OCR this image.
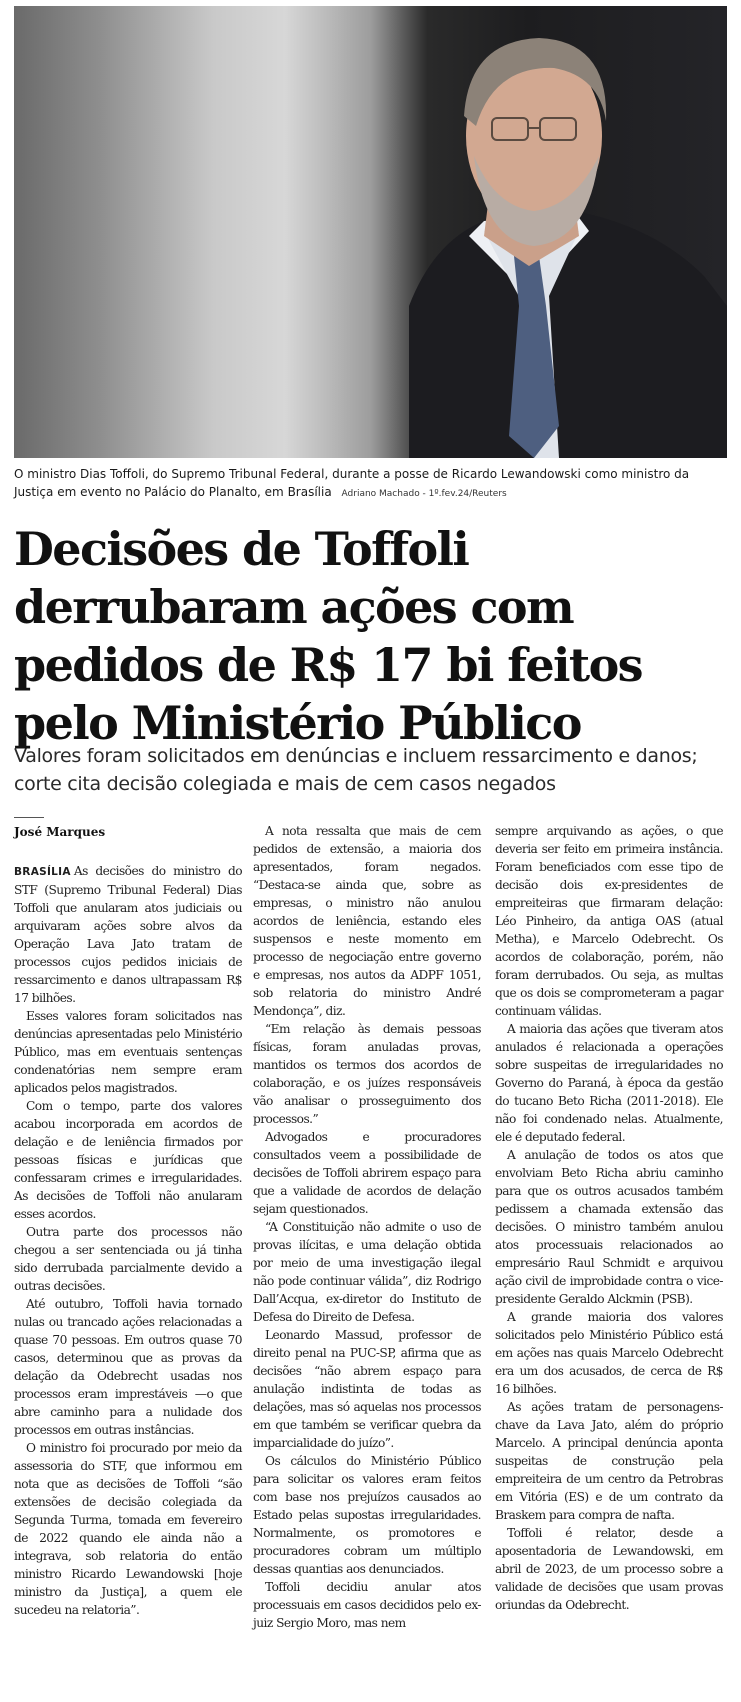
O ministro Dias Toffoli, do Supremo Tribunal Federal, durante a posse de Ricardo Lewandowski como ministro da Justiça em evento no Palácio do Planalto, em Brasília Adriano Machado - 1º.fev.24/Reuters
Decisões de Toffoli derrubaram ações com pedidos de R$ 17 bi feitos pelo Ministério Público

Valores foram solicitados em denúncias e incluem ressarcimento e danos; corte cita decisão colegiada e mais de cem casos negados

José Marques

BRASÍLIA As decisões do ministro do STF (Supremo Tribunal Federal) Dias Toffoli que anularam atos judiciais ou arquivaram ações sobre alvos da Operação Lava Jato tratam de processos cujos pedidos iniciais de ressarcimento e danos ultrapassam R$ 17 bilhões.

Esses valores foram solicitados nas denúncias apresentadas pelo Ministério Público, mas em eventuais sentenças condenatórias nem sempre eram aplicados pelos magistrados.

Com o tempo, parte dos valores acabou incorporada em acordos de delação e de leniência firmados por pessoas físicas e jurídicas que confessaram crimes e irregularidades. As decisões de Toffoli não anularam esses acordos.

Outra parte dos processos não chegou a ser sentenciada ou já tinha sido derrubada parcialmente devido a outras decisões.

Até outubro, Toffoli havia tornado nulas ou trancado ações relacionadas a quase 70 pessoas. Em outros quase 70 casos, determinou que as provas da delação da Odebrecht usadas nos processos eram imprestáveis —o que abre caminho para a nulidade dos processos em outras instâncias.

O ministro foi procurado por meio da assessoria do STF, que informou em nota que as decisões de Toffoli “são extensões de decisão colegiada da Segunda Turma, tomada em fevereiro de 2022 quando ele ainda não a integrava, sob relatoria do então ministro Ricardo Lewandowski [hoje ministro da Justiça], a quem ele sucedeu na relatoria”.

A nota ressalta que mais de cem pedidos de extensão, a maioria dos apresentados, foram negados. “Destaca-se ainda que, sobre as empresas, o ministro não anulou acordos de leniência, estando eles suspensos e neste momento em processo de negociação entre governo e empresas, nos autos da ADPF 1051, sob relatoria do ministro André Mendonça”, diz.

“Em relação às demais pessoas físicas, foram anuladas provas, mantidos os termos dos acordos de colaboração, e os juízes responsáveis vão analisar o prosseguimento dos processos.”

Advogados e procuradores consultados veem a possibilidade de decisões de Toffoli abrirem espaço para que a validade de acordos de delação sejam questionados.

“A Constituição não admite o uso de provas ilícitas, e uma delação obtida por meio de uma investigação ilegal não pode continuar válida”, diz Rodrigo Dall’Acqua, ex-diretor do Instituto de Defesa do Direito de Defesa.

Leonardo Massud, professor de direito penal na PUC-SP, afirma que as decisões “não abrem espaço para anulação indistinta de todas as delações, mas só aquelas nos processos em que também se verificar quebra da imparcialidade do juízo”.

Os cálculos do Ministério Público para solicitar os valores eram feitos com base nos prejuízos causados ao Estado pelas supostas irregularidades. Normalmente, os promotores e procuradores cobram um múltiplo dessas quantias aos denunciados.

Toffoli decidiu anular atos processuais em casos decididos pelo ex-juiz Sergio Moro, mas nem

sempre arquivando as ações, o que deveria ser feito em primeira instância. Foram beneficiados com esse tipo de decisão dois ex-presidentes de empreiteiras que firmaram delação: Léo Pinheiro, da antiga OAS (atual Metha), e Marcelo Odebrecht. Os acordos de colaboração, porém, não foram derrubados. Ou seja, as multas que os dois se comprometeram a pagar continuam válidas.

A maioria das ações que tiveram atos anulados é relacionada a operações sobre suspeitas de irregularidades no Governo do Paraná, à época da gestão do tucano Beto Richa (2011-2018). Ele não foi condenado nelas. Atualmente, ele é deputado federal.

A anulação de todos os atos que envolviam Beto Richa abriu caminho para que os outros acusados também pedissem a chamada extensão das decisões. O ministro também anulou atos processuais relacionados ao empresário Raul Schmidt e arquivou ação civil de improbidade contra o vice-presidente Geraldo Alckmin (PSB).

A grande maioria dos valores solicitados pelo Ministério Público está em ações nas quais Marcelo Odebrecht era um dos acusados, de cerca de R$ 16 bilhões.

As ações tratam de personagens-chave da Lava Jato, além do próprio Marcelo. A principal denúncia aponta suspeitas de construção pela empreiteira de um centro da Petrobras em Vitória (ES) e de um contrato da Braskem para compra de nafta.

Toffoli é relator, desde a aposentadoria de Lewandowski, em abril de 2023, de um processo sobre a validade de decisões que usam provas oriundas da Odebrecht.
